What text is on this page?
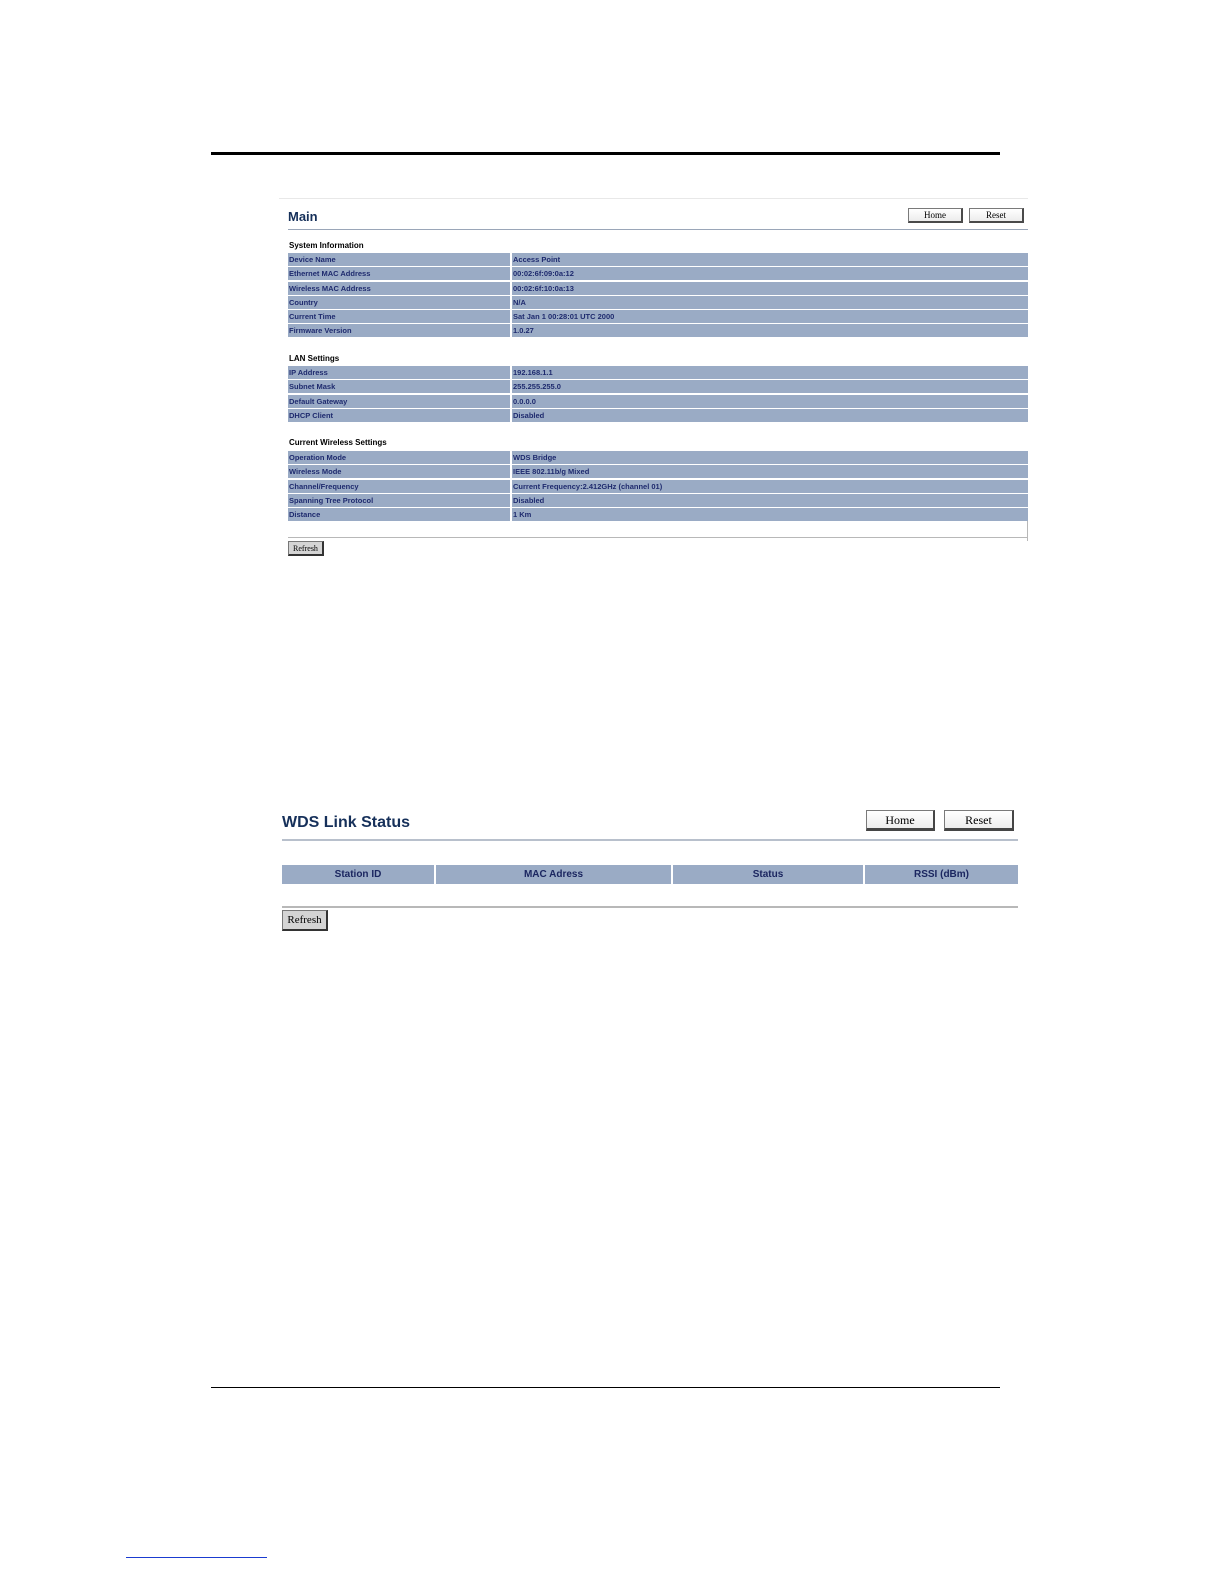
Main	Home	Reset
System Information
Device Name	Access Point
Ethernet MAC Address	00:02:6f:09:0a:12
Wireless MAC Address	00:02:6f:10:0a:13
Country	N/A
Current Time	Sat Jan 1 00:28:01 UTC 2000
Firmware Version	1.0.27
LAN Settings
IP Address	192.168.1.1
Subnet Mask	255.255.255.0
Default Gateway	0.0.0.0
DHCP Client	Disabled
Current Wireless Settings
Operation Mode	WDS Bridge
Wireless Mode	IEEE 802.11b/g Mixed
Channel/Frequency	Current Frequency:2.412GHz (channel 01)
Spanning Tree Protocol	Disabled
Distance	1 Km
Refresh
WDS Link Status	Home	Reset
Station ID	MAC Adress	Status	RSSI (dBm)
Refresh
